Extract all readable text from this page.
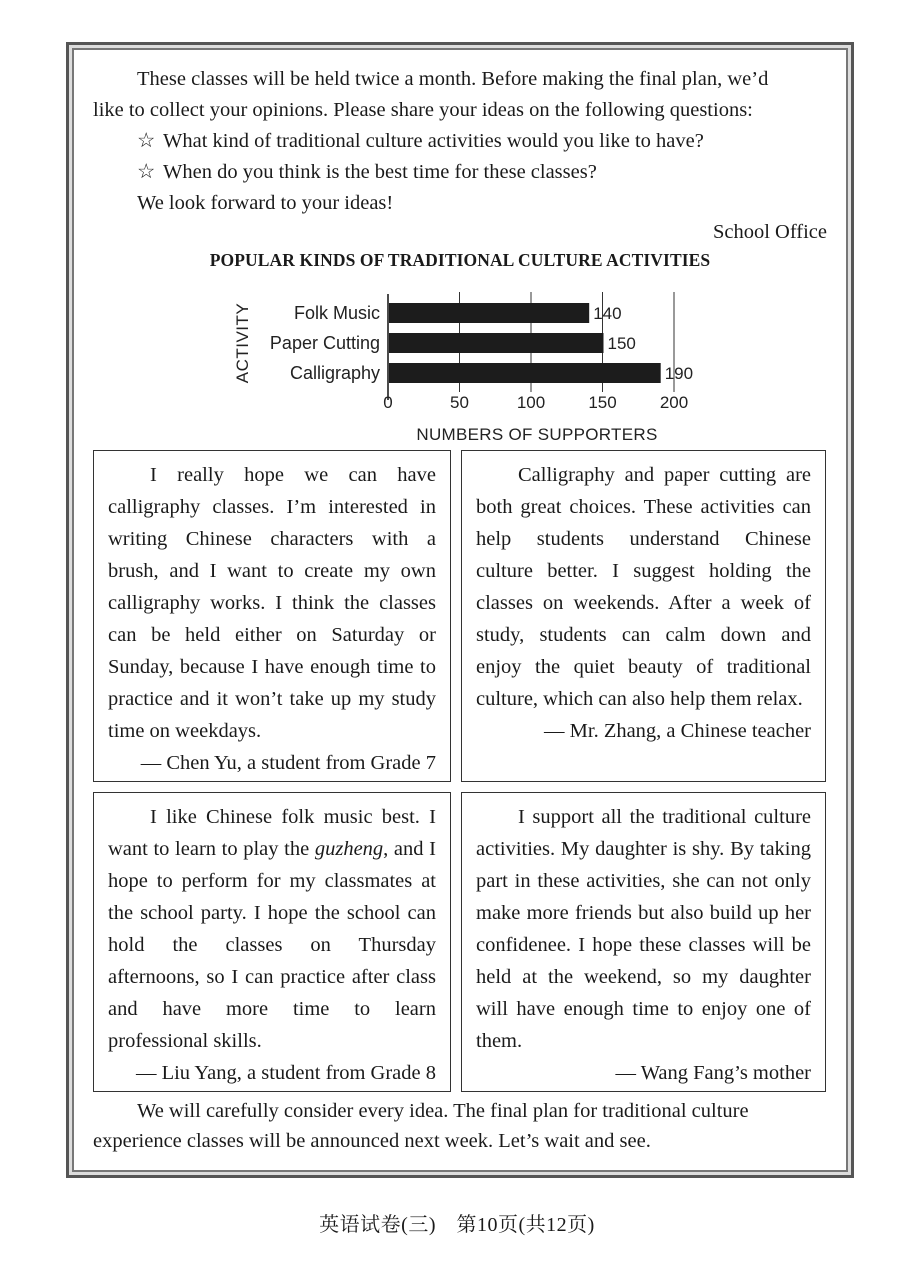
These classes will be held twice a month. Before making the final plan, we’d
like to collect your opinions. Please share your ideas on the following questions:
☆ What kind of traditional culture activities would you like to have?
☆ When do you think is the best time for these classes?
We look forward to your ideas!
School Office
POPULAR KINDS OF TRADITIONAL CULTURE ACTIVITIES
Folk Music	140
Paper Cutting	150
Calligraphy	190
0	50	100	150	200
NUMBERS OF SUPPORTERS
ACTIVITY

I really hope we can have calligraphy classes. I’m interested in writing Chinese characters with a brush, and I want to create my own calligraphy works. I think the classes can be held either on Saturday or Sunday, because I have enough time to practice and it won’t take up my study time on weekdays.

— Chen Yu, a student from Grade 7

Calligraphy and paper cutting are both great choices. These activities can help students understand Chinese culture better. I suggest holding the classes on weekends. After a week of study, students can calm down and enjoy the quiet beauty of traditional culture, which can also help them relax.

— Mr. Zhang, a Chinese teacher

I like Chinese folk music best. I want to learn to play the guzheng, and I hope to perform for my classmates at the school party. I hope the school can hold the classes on Thursday afternoons, so I can practice after class and have more time to learn professional skills.

— Liu Yang, a student from Grade 8

I support all the traditional culture activities. My daughter is shy. By taking part in these activities, she can not only make more friends but also build up her confidenee. I hope these classes will be held at the weekend, so my daughter will have enough time to enjoy one of them.

— Wang Fang’s mother
We will carefully consider every idea. The final plan for traditional culture
experience classes will be announced next week. Let’s wait and see.
英语试卷(三)　第10页(共12页)
